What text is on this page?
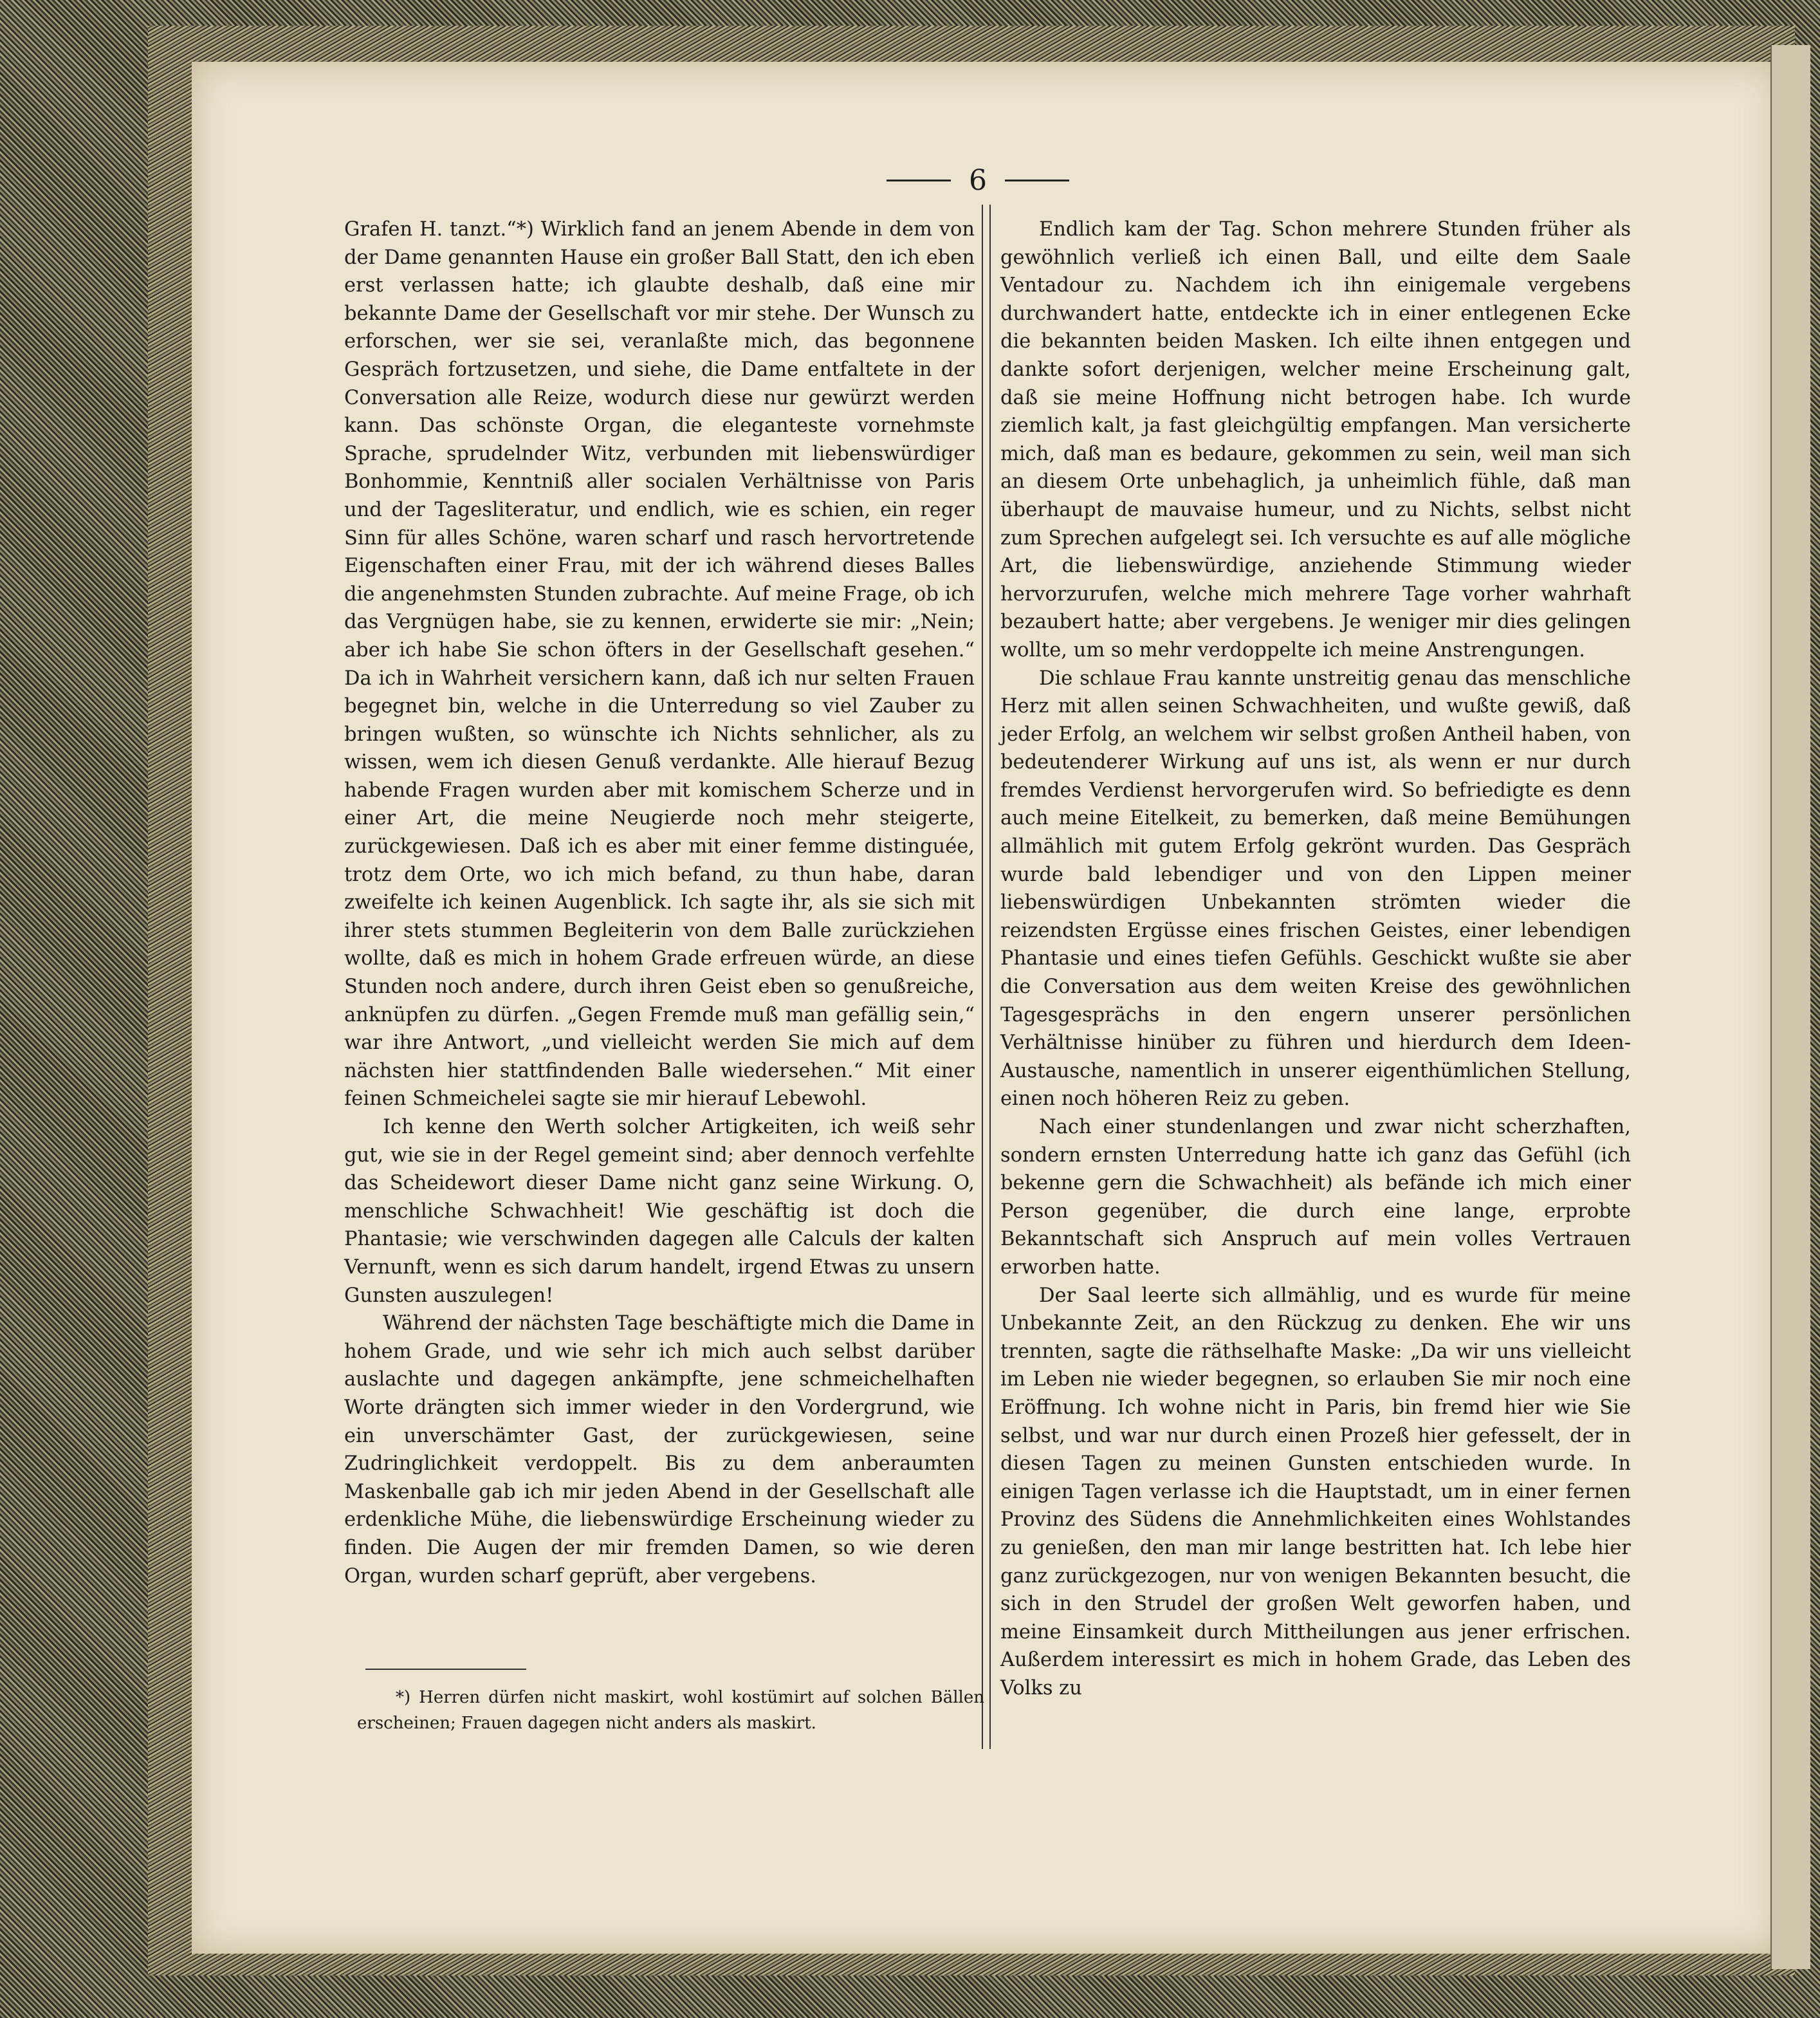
6

Grafen H. tanzt.“*) Wirklich fand an jenem Abende in dem von der Dame genannten Hause ein großer Ball Statt, den ich eben erst verlassen hatte; ich glaubte deshalb, daß eine mir bekannte Dame der Gesellschaft vor mir stehe. Der Wunsch zu erforschen, wer sie sei, veranlaßte mich, das begonnene Gespräch fortzusetzen, und siehe, die Dame entfaltete in der Conversation alle Reize, wodurch diese nur gewürzt werden kann. Das schönste Organ, die eleganteste vornehmste Sprache, sprudelnder Witz, verbunden mit liebenswürdiger Bonhommie, Kenntniß aller socialen Verhältnisse von Paris und der Tagesliteratur, und endlich, wie es schien, ein reger Sinn für alles Schöne, waren scharf und rasch hervortretende Eigenschaften einer Frau, mit der ich während dieses Balles die angenehmsten Stunden zubrachte. Auf meine Frage, ob ich das Vergnügen habe, sie zu kennen, erwiderte sie mir: „Nein; aber ich habe Sie schon öfters in der Gesellschaft gesehen.“ Da ich in Wahrheit versichern kann, daß ich nur selten Frauen begegnet bin, welche in die Unterredung so viel Zauber zu bringen wußten, so wünschte ich Nichts sehnlicher, als zu wissen, wem ich diesen Genuß verdankte. Alle hierauf Bezug habende Fragen wurden aber mit komischem Scherze und in einer Art, die meine Neugierde noch mehr steigerte, zurückgewiesen. Daß ich es aber mit einer femme distinguée, trotz dem Orte, wo ich mich befand, zu thun habe, daran zweifelte ich keinen Augenblick. Ich sagte ihr, als sie sich mit ihrer stets stummen Begleiterin von dem Balle zurückziehen wollte, daß es mich in hohem Grade erfreuen würde, an diese Stunden noch andere, durch ihren Geist eben so genußreiche, anknüpfen zu dürfen. „Gegen Fremde muß man gefällig sein,“ war ihre Antwort, „und vielleicht werden Sie mich auf dem nächsten hier stattfindenden Balle wiedersehen.“ Mit einer feinen Schmeichelei sagte sie mir hierauf Lebewohl.

Ich kenne den Werth solcher Artigkeiten, ich weiß sehr gut, wie sie in der Regel gemeint sind; aber dennoch verfehlte das Scheidewort dieser Dame nicht ganz seine Wirkung. O, menschliche Schwachheit! Wie geschäftig ist doch die Phantasie; wie verschwinden dagegen alle Calculs der kalten Vernunft, wenn es sich darum handelt, irgend Etwas zu unsern Gunsten auszulegen!

Während der nächsten Tage beschäftigte mich die Dame in hohem Grade, und wie sehr ich mich auch selbst darüber auslachte und dagegen ankämpfte, jene schmeichelhaften Worte drängten sich immer wieder in den Vordergrund, wie ein unverschämter Gast, der zurückgewiesen, seine Zudringlichkeit verdoppelt. Bis zu dem anberaumten Maskenballe gab ich mir jeden Abend in der Gesellschaft alle erdenkliche Mühe, die liebenswürdige Erscheinung wieder zu finden. Die Augen der mir fremden Damen, so wie deren Organ, wurden scharf geprüft, aber vergebens.

*) Herren dürfen nicht maskirt, wohl kostümirt auf solchen Bällen erscheinen; Frauen dagegen nicht anders als maskirt.

Endlich kam der Tag. Schon mehrere Stunden früher als gewöhnlich verließ ich einen Ball, und eilte dem Saale Ventadour zu. Nachdem ich ihn einigemale vergebens durchwandert hatte, entdeckte ich in einer entlegenen Ecke die bekannten beiden Masken. Ich eilte ihnen entgegen und dankte sofort derjenigen, welcher meine Erscheinung galt, daß sie meine Hoffnung nicht betrogen habe. Ich wurde ziemlich kalt, ja fast gleichgültig empfangen. Man versicherte mich, daß man es bedaure, gekommen zu sein, weil man sich an diesem Orte unbehaglich, ja unheimlich fühle, daß man überhaupt de mauvaise humeur, und zu Nichts, selbst nicht zum Sprechen aufgelegt sei. Ich versuchte es auf alle mögliche Art, die liebenswürdige, anziehende Stimmung wieder hervorzurufen, welche mich mehrere Tage vorher wahrhaft bezaubert hatte; aber vergebens. Je weniger mir dies gelingen wollte, um so mehr verdoppelte ich meine Anstrengungen.

Die schlaue Frau kannte unstreitig genau das menschliche Herz mit allen seinen Schwachheiten, und wußte gewiß, daß jeder Erfolg, an welchem wir selbst großen Antheil haben, von bedeutenderer Wirkung auf uns ist, als wenn er nur durch fremdes Verdienst hervorgerufen wird. So befriedigte es denn auch meine Eitelkeit, zu bemerken, daß meine Bemühungen allmählich mit gutem Erfolg gekrönt wurden. Das Gespräch wurde bald lebendiger und von den Lippen meiner liebenswürdigen Unbekannten strömten wieder die reizendsten Ergüsse eines frischen Geistes, einer lebendigen Phantasie und eines tiefen Gefühls. Geschickt wußte sie aber die Conversation aus dem weiten Kreise des gewöhnlichen Tagesgesprächs in den engern unserer persönlichen Verhältnisse hinüber zu führen und hierdurch dem Ideen-Austausche, namentlich in unserer eigenthümlichen Stellung, einen noch höheren Reiz zu geben.

Nach einer stundenlangen und zwar nicht scherzhaften, sondern ernsten Unterredung hatte ich ganz das Gefühl (ich bekenne gern die Schwachheit) als befände ich mich einer Person gegenüber, die durch eine lange, erprobte Bekanntschaft sich Anspruch auf mein volles Vertrauen erworben hatte.

Der Saal leerte sich allmählig, und es wurde für meine Unbekannte Zeit, an den Rückzug zu denken. Ehe wir uns trennten, sagte die räthselhafte Maske: „Da wir uns vielleicht im Leben nie wieder begegnen, so erlauben Sie mir noch eine Eröffnung. Ich wohne nicht in Paris, bin fremd hier wie Sie selbst, und war nur durch einen Prozeß hier gefesselt, der in diesen Tagen zu meinen Gunsten entschieden wurde. In einigen Tagen verlasse ich die Hauptstadt, um in einer fernen Provinz des Südens die Annehmlichkeiten eines Wohlstandes zu genießen, den man mir lange bestritten hat. Ich lebe hier ganz zurückgezogen, nur von wenigen Bekannten besucht, die sich in den Strudel der großen Welt geworfen haben, und meine Einsamkeit durch Mittheilungen aus jener erfrischen. Außerdem interessirt es mich in hohem Grade, das Leben des Volks zu
